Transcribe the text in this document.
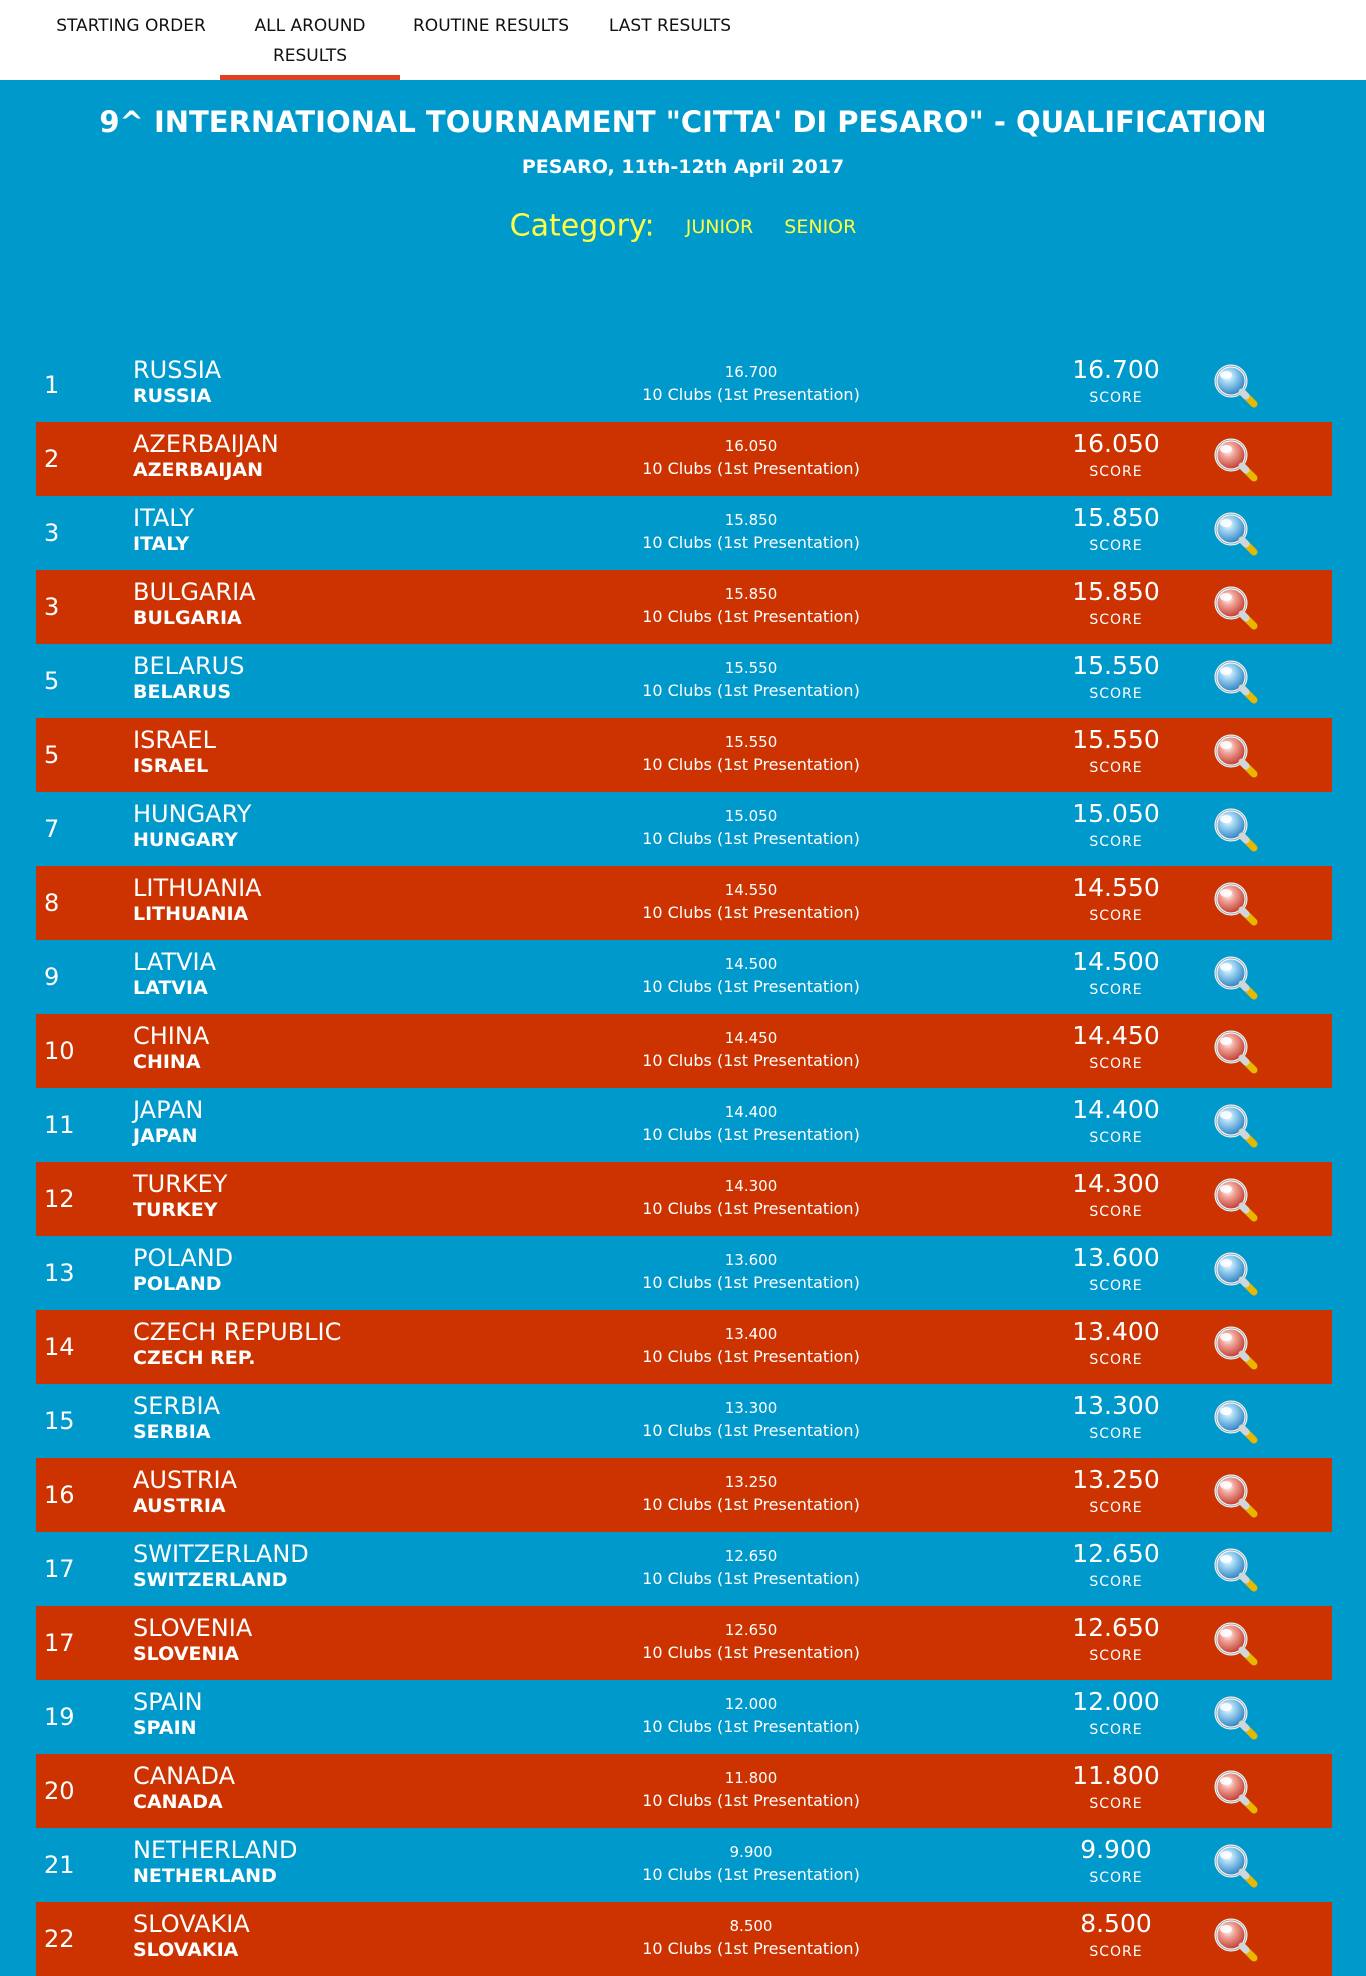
STARTING ORDER	ALL AROUND
RESULTS
ROUTINE RESULTS LAST RESULTS
9^ INTERNATIONAL TOURNAMENT "CITTA' DI PESARO" - QUALIFICATION
PESARO, 11th-12th April 2017
Category: JUNIOR SENIOR
1
RUSSIA
RUSSIA
16.700
10 Clubs (1st Presentation)
16.700
SCORE
2
AZERBAIJAN
AZERBAIJAN
16.050
10 Clubs (1st Presentation)
16.050
SCORE
3
ITALY
ITALY
15.850
10 Clubs (1st Presentation)
15.850
SCORE
3
BULGARIA
BULGARIA
15.850
10 Clubs (1st Presentation)
15.850
SCORE
5
BELARUS
BELARUS
15.550
10 Clubs (1st Presentation)
15.550
SCORE
5
ISRAEL
ISRAEL
15.550
10 Clubs (1st Presentation)
15.550
SCORE
7
HUNGARY
HUNGARY
15.050
10 Clubs (1st Presentation)
15.050
SCORE
8
LITHUANIA
LITHUANIA
14.550
10 Clubs (1st Presentation)
14.550
SCORE
9
LATVIA
LATVIA
14.500
10 Clubs (1st Presentation)
14.500
SCORE
10
CHINA
CHINA
14.450
10 Clubs (1st Presentation)
14.450
SCORE
11
JAPAN
JAPAN
14.400
10 Clubs (1st Presentation)
14.400
SCORE
12
TURKEY
TURKEY
14.300
10 Clubs (1st Presentation)
14.300
SCORE
13
POLAND
POLAND
13.600
10 Clubs (1st Presentation)
13.600
SCORE
14
CZECH REPUBLIC
CZECH REP.
13.400
10 Clubs (1st Presentation)
13.400
SCORE
15
SERBIA
SERBIA
13.300
10 Clubs (1st Presentation)
13.300
SCORE
16
AUSTRIA
AUSTRIA
13.250
10 Clubs (1st Presentation)
13.250
SCORE
17
SWITZERLAND
SWITZERLAND
12.650
10 Clubs (1st Presentation)
12.650
SCORE
17
SLOVENIA
SLOVENIA
12.650
10 Clubs (1st Presentation)
12.650
SCORE
19
SPAIN
SPAIN
12.000
10 Clubs (1st Presentation)
12.000
SCORE
20
CANADA
CANADA
11.800
10 Clubs (1st Presentation)
11.800
SCORE
21
NETHERLAND
NETHERLAND
9.900
10 Clubs (1st Presentation)
9.900
SCORE
22
SLOVAKIA
SLOVAKIA
8.500
10 Clubs (1st Presentation)
8.500
SCORE
